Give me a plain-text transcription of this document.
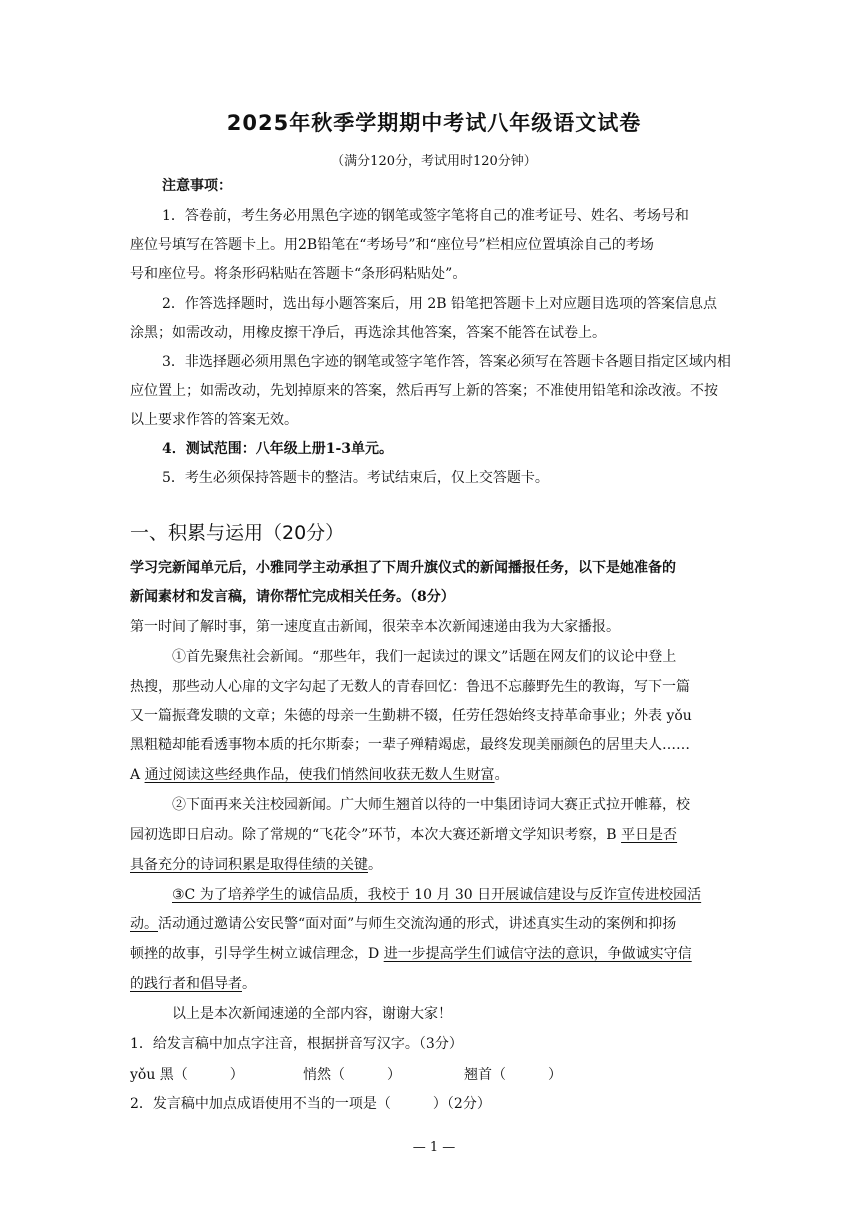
2025年秋季学期期中考试八年级语文试卷
（满分120分，考试用时120分钟）
注意事项：
1．答卷前，考生务必用黑色字迹的钢笔或签字笔将自己的准考证号、姓名、考场号和
座位号填写在答题卡上。用2B铅笔在“考场号”和“座位号”栏相应位置填涂自己的考场
号和座位号。将条形码粘贴在答题卡“条形码粘贴处”。
2．作答选择题时，选出每小题答案后，用 2B 铅笔把答题卡上对应题目选项的答案信息点
涂黑；如需改动，用橡皮擦干净后，再选涂其他答案，答案不能答在试卷上。
3．非选择题必须用黑色字迹的钢笔或签字笔作答，答案必须写在答题卡各题目指定区域内相
应位置上；如需改动，先划掉原来的答案，然后再写上新的答案；不准使用铅笔和涂改液。不按
以上要求作答的答案无效。
4．测试范围：八年级上册1-3单元。
5．考生必须保持答题卡的整洁。考试结束后，仅上交答题卡。
一、积累与运用（20分）
学习完新闻单元后，小雅同学主动承担了下周升旗仪式的新闻播报任务，以下是她准备的
新闻素材和发言稿，请你帮忙完成相关任务。（8分）
第一时间了解时事，第一速度直击新闻，很荣幸本次新闻速递由我为大家播报。
①首先聚焦社会新闻。“那些年，我们一起读过的课文”话题在网友们的议论中登上
热搜，那些动人心扉的文字勾起了无数人的青春回忆：鲁迅不忘藤野先生的教诲，写下一篇
又一篇振聋发聩的文章；朱德的母亲一生勤耕不辍，任劳任怨始终支持革命事业；外表 yǒu
黑粗糙却能看透事物本质的托尔斯泰；一辈子殚精竭虑，最终发现美丽颜色的居里夫人……
A 通过阅读这些经典作品，使我们悄然间收获无数人生财富。
②下面再来关注校园新闻。广大师生翘首以待的一中集团诗词大赛正式拉开帷幕，校
园初选即日启动。除了常规的“飞花令”环节，本次大赛还新增文学知识考察，B 平日是否
具备充分的诗词积累是取得佳绩的关键。
③C 为了培养学生的诚信品质，我校于 10 月 30 日开展诚信建设与反诈宣传进校园活
动。活动通过邀请公安民警“面对面”与师生交流沟通的形式，讲述真实生动的案例和抑扬
顿挫的故事，引导学生树立诚信理念，D 进一步提高学生们诚信守法的意识，争做诚实守信
的践行者和倡导者。
以上是本次新闻速递的全部内容，谢谢大家！
1．给发言稿中加点字注音，根据拼音写汉字。（3分）
yǒu 黑（　　　）	悄然（　　　）	翘首（　　　）
2．发言稿中加点成语使用不当的一项是（　　　）（2分）
— 1 —
